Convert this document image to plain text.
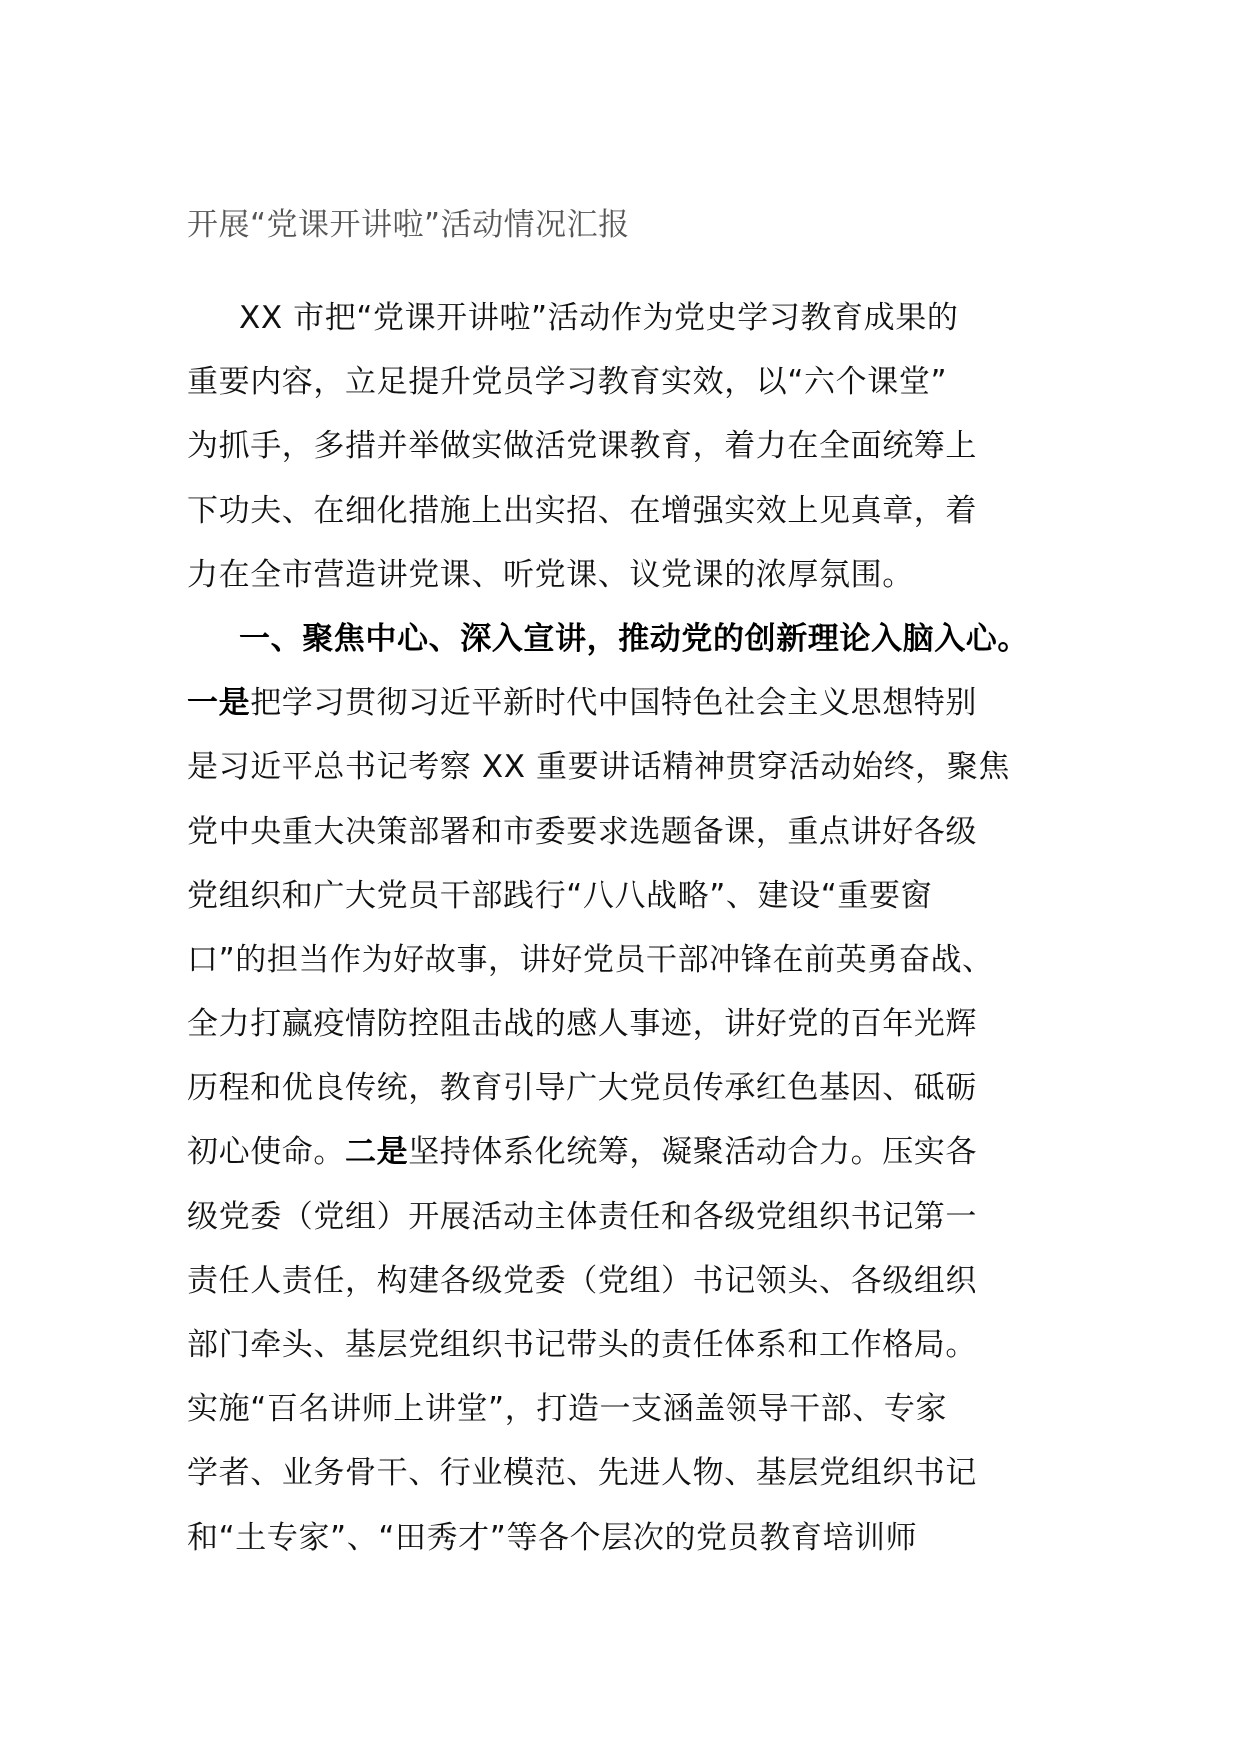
开展“党课开讲啦”活动情况汇报
XX 市把“党课开讲啦”活动作为党史学习教育成果的
重要内容，立足提升党员学习教育实效，以“六个课堂”
为抓手，多措并举做实做活党课教育，着力在全面统筹上
下功夫、在细化措施上出实招、在增强实效上见真章，着
力在全市营造讲党课、听党课、议党课的浓厚氛围。
一、聚焦中心、深入宣讲，推动党的创新理论入脑入心。
一是把学习贯彻习近平新时代中国特色社会主义思想特别
是习近平总书记考察 XX 重要讲话精神贯穿活动始终，聚焦
党中央重大决策部署和市委要求选题备课，重点讲好各级
党组织和广大党员干部践行“八八战略”、建设“重要窗
口”的担当作为好故事，讲好党员干部冲锋在前英勇奋战、
全力打赢疫情防控阻击战的感人事迹，讲好党的百年光辉
历程和优良传统，教育引导广大党员传承红色基因、砥砺
初心使命。二是坚持体系化统筹，凝聚活动合力。压实各
级党委（党组）开展活动主体责任和各级党组织书记第一
责任人责任，构建各级党委（党组）书记领头、各级组织
部门牵头、基层党组织书记带头的责任体系和工作格局。
实施“百名讲师上讲堂”，打造一支涵盖领导干部、专家
学者、业务骨干、行业模范、先进人物、基层党组织书记
和“土专家”、“田秀才”等各个层次的党员教育培训师
